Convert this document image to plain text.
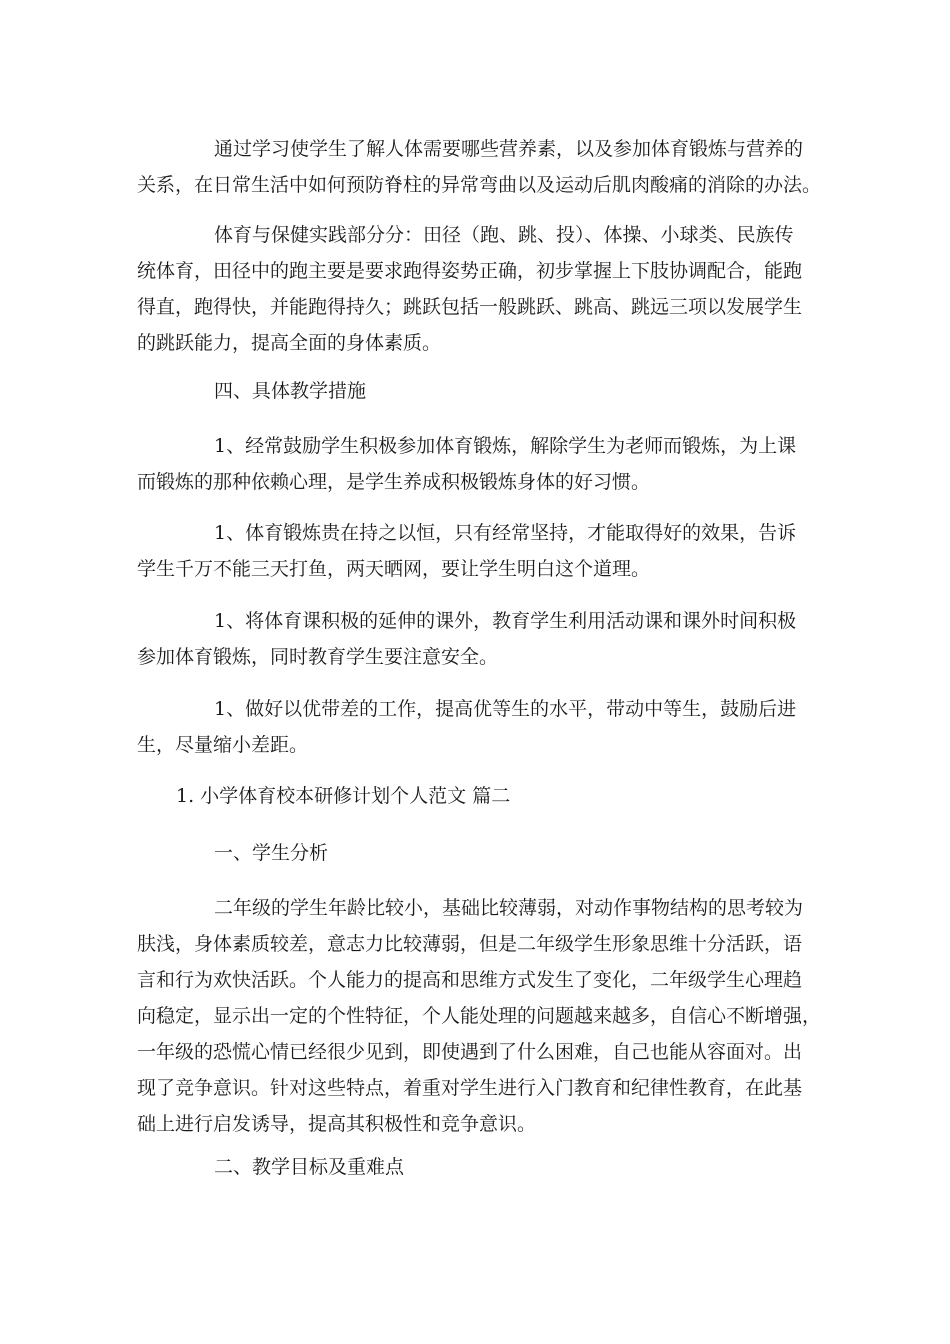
通过学习使学生了解人体需要哪些营养素，以及参加体育锻炼与营养的
关系，在日常生活中如何预防脊柱的异常弯曲以及运动后肌肉酸痛的消除的办法。
体育与保健实践部分分：田径（跑、跳、投）、体操、小球类、民族传
统体育，田径中的跑主要是要求跑得姿势正确，初步掌握上下肢协调配合，能跑
得直，跑得快，并能跑得持久；跳跃包括一般跳跃、跳高、跳远三项以发展学生
的跳跃能力，提高全面的身体素质。
四、具体教学措施
1、经常鼓励学生积极参加体育锻炼，解除学生为老师而锻炼，为上课
而锻炼的那种依赖心理，是学生养成积极锻炼身体的好习惯。
1、体育锻炼贵在持之以恒，只有经常坚持，才能取得好的效果，告诉
学生千万不能三天打鱼，两天晒网，要让学生明白这个道理。
1、将体育课积极的延伸的课外，教育学生利用活动课和课外时间积极
参加体育锻炼，同时教育学生要注意安全。
1、做好以优带差的工作，提高优等生的水平，带动中等生，鼓励后进
生，尽量缩小差距。
1. 小学体育校本研修计划个人范文 篇二
一、学生分析
二年级的学生年龄比较小，基础比较薄弱，对动作事物结构的思考较为
肤浅，身体素质较差，意志力比较薄弱，但是二年级学生形象思维十分活跃，语
言和行为欢快活跃。个人能力的提高和思维方式发生了变化，二年级学生心理趋
向稳定，显示出一定的个性特征，个人能处理的问题越来越多，自信心不断增强，
一年级的恐慌心情已经很少见到，即使遇到了什么困难，自己也能从容面对。出
现了竞争意识。针对这些特点，着重对学生进行入门教育和纪律性教育，在此基
础上进行启发诱导，提高其积极性和竞争意识。
二、教学目标及重难点
